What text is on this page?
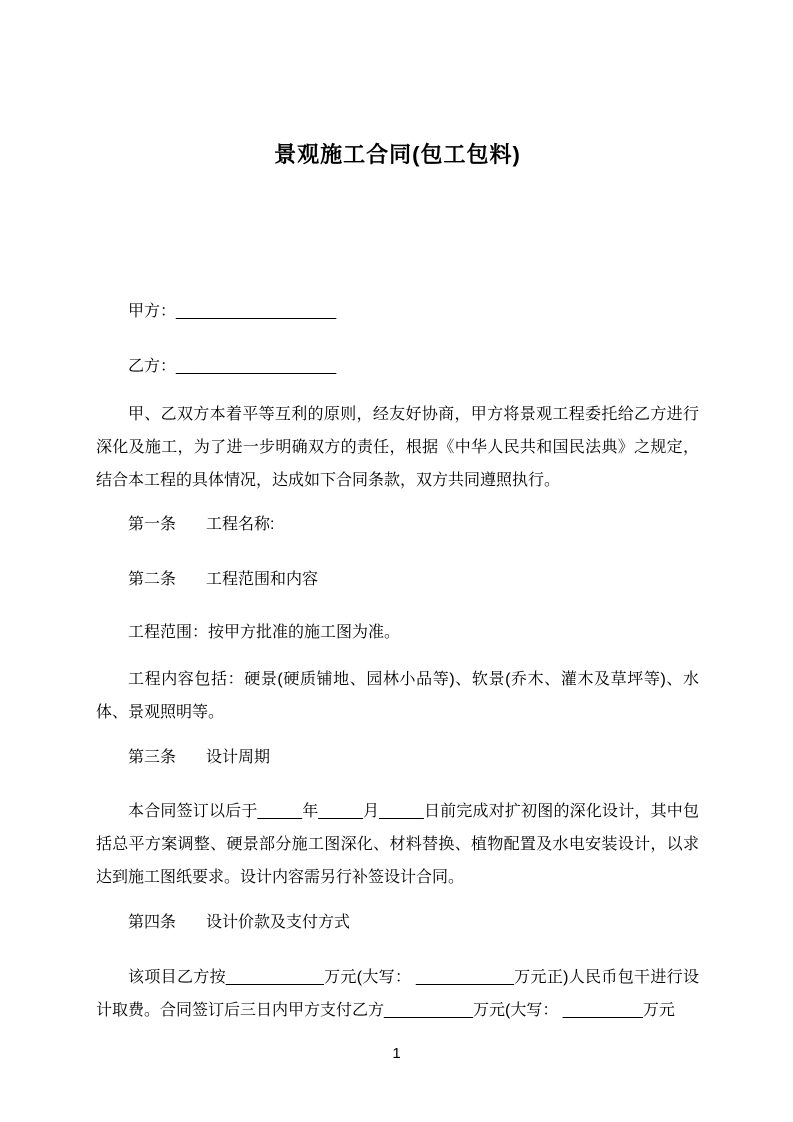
景观施工合同(包工包料)

甲方：__________________

乙方：__________________

甲、乙双方本着平等互利的原则，经友好协商，甲方将景观工程委托给乙方进行深化及施工，为了进一步明确双方的责任，根据《中华人民共和国民法典》之规定，结合本工程的具体情况，达成如下合同条款，双方共同遵照执行。

第一条 工程名称:

第二条 工程范围和内容

工程范围：按甲方批准的施工图为准。

工程内容包括：硬景(硬质铺地、园林小品等)、软景(乔木、灌木及草坪等)、水体、景观照明等。

第三条 设计周期

本合同签订以后于_____年_____月_____日前完成对扩初图的深化设计，其中包括总平方案调整、硬景部分施工图深化、材料替换、植物配置及水电安装设计，以求达到施工图纸要求。设计内容需另行补签设计合同。

第四条 设计价款及支付方式

该项目乙方按___________万元(大写： ___________万元正)人民币包干进行设计取费。合同签订后三日内甲方支付乙方__________万元(大写： _________万元

1
